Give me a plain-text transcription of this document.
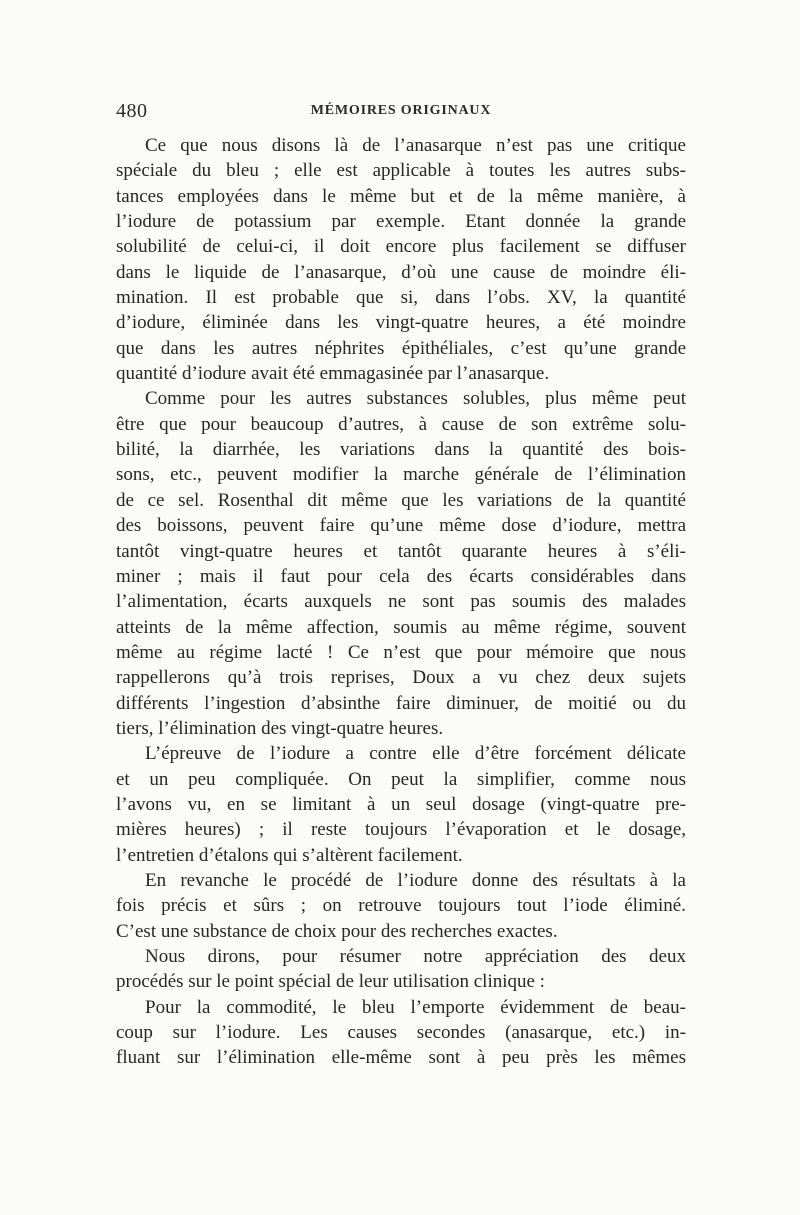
480	MÉMOIRES ORIGINAUX
Ce que nous disons là de l’anasarque n’est pas une critique
spéciale du bleu ; elle est applicable à toutes les autres subs-
tances employées dans le même but et de la même manière, à
l’iodure de potassium par exemple. Etant donnée la grande
solubilité de celui-ci, il doit encore plus facilement se diffuser
dans le liquide de l’anasarque, d’où une cause de moindre éli-
mination. Il est probable que si, dans l’obs. XV, la quantité
d’iodure, éliminée dans les vingt-quatre heures, a été moindre
que dans les autres néphrites épithéliales, c’est qu’une grande
quantité d’iodure avait été emmagasinée par l’anasarque.
Comme pour les autres substances solubles, plus même peut
être que pour beaucoup d’autres, à cause de son extrême solu-
bilité, la diarrhée, les variations dans la quantité des bois-
sons, etc., peuvent modifier la marche générale de l’élimination
de ce sel. Rosenthal dit même que les variations de la quantité
des boissons, peuvent faire qu’une même dose d’iodure, mettra
tantôt vingt-quatre heures et tantôt quarante heures à s’éli-
miner ; mais il faut pour cela des écarts considérables dans
l’alimentation, écarts auxquels ne sont pas soumis des malades
atteints de la même affection, soumis au même régime, souvent
même au régime lacté ! Ce n’est que pour mémoire que nous
rappellerons qu’à trois reprises, Doux a vu chez deux sujets
différents l’ingestion d’absinthe faire diminuer, de moitié ou du
tiers, l’élimination des vingt-quatre heures.
L’épreuve de l’iodure a contre elle d’être forcément délicate
et un peu compliquée. On peut la simplifier, comme nous
l’avons vu, en se limitant à un seul dosage (vingt-quatre pre-
mières heures) ; il reste toujours l’évaporation et le dosage,
l’entretien d’étalons qui s’altèrent facilement.
En revanche le procédé de l’iodure donne des résultats à la
fois précis et sûrs ; on retrouve toujours tout l’iode éliminé.
C’est une substance de choix pour des recherches exactes.
Nous dirons, pour résumer notre appréciation des deux
procédés sur le point spécial de leur utilisation clinique :
Pour la commodité, le bleu l’emporte évidemment de beau-
coup sur l’iodure. Les causes secondes (anasarque, etc.) in-
fluant sur l’élimination elle-même sont à peu près les mêmes
